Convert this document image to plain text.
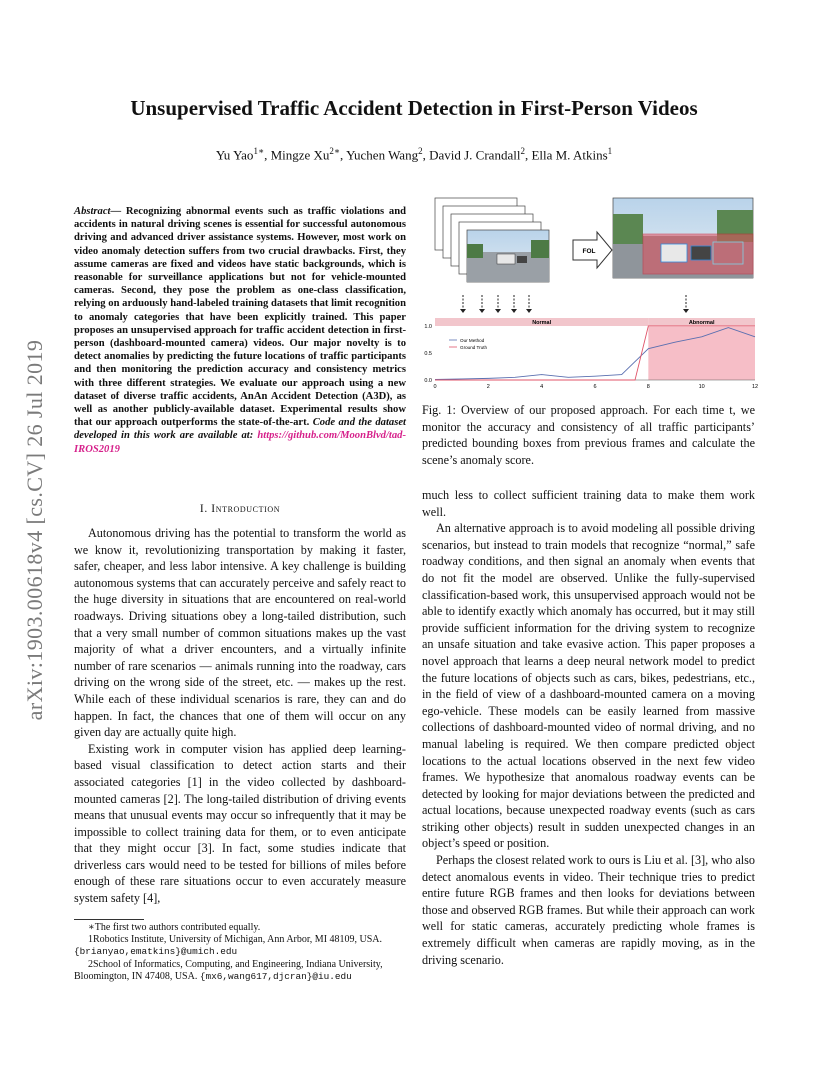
arXiv:1903.00618v4 [cs.CV] 26 Jul 2019
Unsupervised Traffic Accident Detection in First-Person Videos
Yu Yao$^{1∗}$, Mingze $Xu^{2∗}$, Yuchen Wang$^2$, David J. Crandall$^2$, Ella M. Atkins$^1$
Abstract— Recognizing abnormal events such as traffic violations and accidents in natural driving scenes is essential for successful autonomous driving and advanced driver assistance systems. However, most work on video anomaly detection suffers from two crucial drawbacks. First, they assume cameras are fixed and videos have static backgrounds, which is reasonable for surveillance applications but not for vehicle-mounted cameras. Second, they pose the problem as one-class classification, relying on arduously hand-labeled training datasets that limit recognition to anomaly categories that have been explicitly trained. This paper proposes an unsupervised approach for traffic accident detection in first-person (dashboard-mounted camera) videos. Our major novelty is to detect anomalies by predicting the future locations of traffic participants and then monitoring the prediction accuracy and consistency metrics with three different strategies. We evaluate our approach using a new dataset of diverse traffic accidents, AnAn Accident Detection (A3D), as well as another publicly-available dataset. Experimental results show that our approach outperforms the state-of-the-art. Code and the dataset developed in this work are available at: https://github.com/MoonBlvd/tad-IROS2019
I. Introduction

Autonomous driving has the potential to transform the world as we know it, revolutionizing transportation by making it faster, safer, cheaper, and less labor intensive. A key challenge is building autonomous systems that can accurately perceive and safely react to the huge diversity in situations that are encountered on real-world roadways. Driving situations obey a long-tailed distribution, such that a very small number of common situations makes up the vast majority of what a driver encounters, and a virtually infinite number of rare scenarios — animals running into the roadway, cars driving on the wrong side of the street, etc. — makes up the rest. While each of these individual scenarios is rare, they can and do happen. In fact, the chances that one of them will occur on any given day are actually quite high.

Existing work in computer vision has applied deep learning-based visual classification to detect action starts and their associated categories [1] in the video collected by dashboard-mounted cameras [2]. The long-tailed distribution of driving events means that unusual events may occur so infrequently that it may be impossible to collect training data for them, or to even anticipate that they might occur [3]. In fact, some studies indicate that driverless cars would need to be tested for billions of miles before enough of these rare situations occur to even accurately measure system safety [4],

∗The first two authors contributed equally.
1Robotics Institute, University of Michigan, Ann Arbor, MI 48109, USA. {brianyao,ematkins}@umich.edu
2School of Informatics, Computing, and Engineering, Indiana University, Bloomington, IN 47408, USA. {mx6,wang617,djcran}@iu.edu
FOL
Normal	Abnormal
0	2	4	6	8	10	12
1.0
0.5
0.0
Our Method
Ground Truth
Fig. 1: Overview of our proposed approach. For each time t, we monitor the accuracy and consistency of all traffic participants’ predicted bounding boxes from previous frames and calculate the scene’s anomaly score.

much less to collect sufficient training data to make them work well.

An alternative approach is to avoid modeling all possible driving scenarios, but instead to train models that recognize “normal,” safe roadway conditions, and then signal an anomaly when events that do not fit the model are observed. Unlike the fully-supervised classification-based work, this unsupervised approach would not be able to identify exactly which anomaly has occurred, but it may still provide sufficient information for the driving system to recognize an unsafe situation and take evasive action. This paper proposes a novel approach that learns a deep neural network model to predict the future locations of objects such as cars, bikes, pedestrians, etc., in the field of view of a dashboard-mounted camera on a moving ego-vehicle. These models can be easily learned from massive collections of dashboard-mounted video of normal driving, and no manual labeling is required. We then compare predicted object locations to the actual locations observed in the next few video frames. We hypothesize that anomalous roadway events can be detected by looking for major deviations between the predicted and actual locations, because unexpected roadway events (such as cars striking other objects) result in sudden unexpected changes in an object’s speed or position.

Perhaps the closest related work to ours is Liu et al. [3], who also detect anomalous events in video. Their technique tries to predict entire future RGB frames and then looks for deviations between those and observed RGB frames. But while their approach can work well for static cameras, accurately predicting whole frames is extremely difficult when cameras are rapidly moving, as in the driving scenario.
